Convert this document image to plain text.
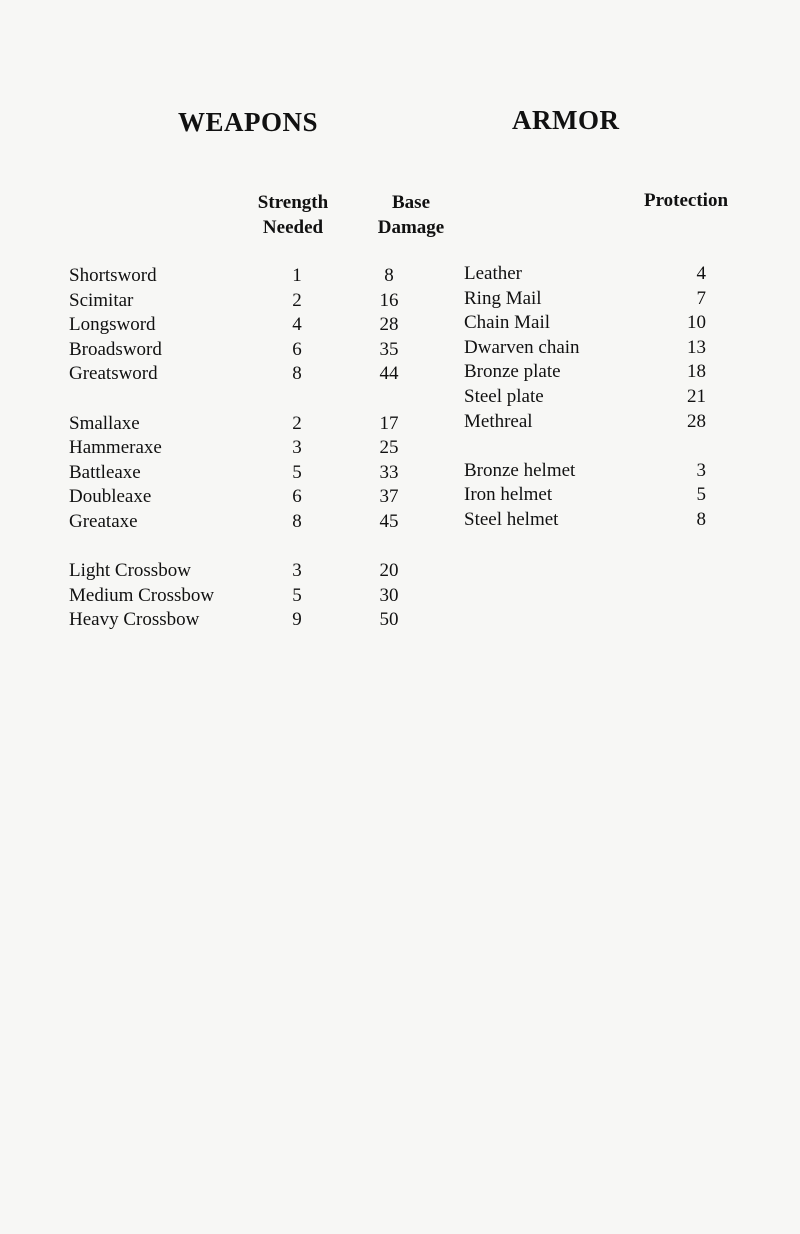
WEAPONS	ARMOR
Strength
Needed
Base
Damage
Protection
Shortsword	1	8
Scimitar	2	16
Longsword	4	28
Broadsword	6	35
Greatsword	8	44
Smallaxe	2	17
Hammeraxe	3	25
Battleaxe	5	33
Doubleaxe	6	37
Greataxe	8	45
Light Crossbow	3	20
Medium Crossbow	5	30
Heavy Crossbow	9	50
Leather	4
Ring Mail	7
Chain Mail	10
Dwarven chain	13
Bronze plate	18
Steel plate	21
Methreal	28
Bronze helmet	3
Iron helmet	5
Steel helmet	8
